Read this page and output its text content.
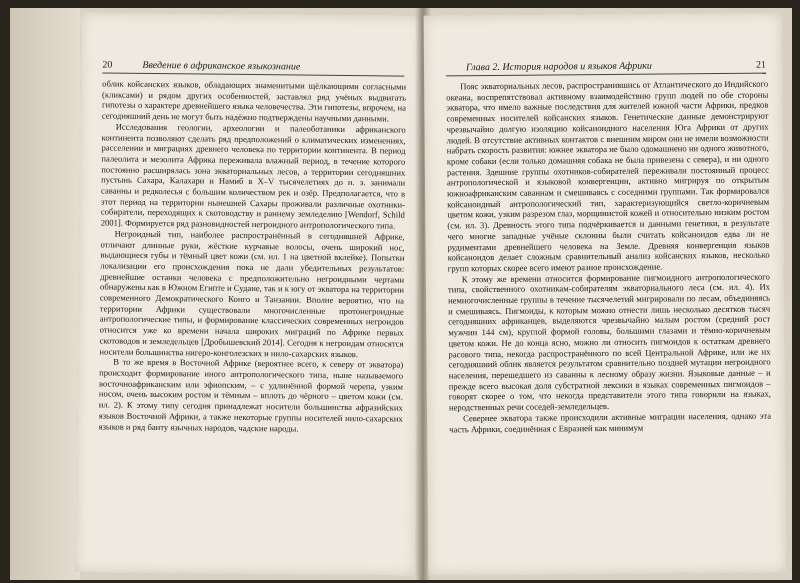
20	Введение в африканское языкознание

облик койсанских языков, обладающих знаменитыми щёлкающими согласными (кликсами) и рядом других особенностей, заставлял ряд учёных выдвигать гипотезы о характере древнейшего языка человечества. Эти гипотезы, впрочем, на сегодняшний день не могут быть надёжно подтверждены научными данными.

Исследования геологии, археологии и палеоботаники африканского континента позволяют сделать ряд предположений о климатических изменениях, расселении и миграциях древнего человека по территории континента. В период палеолита и мезолита Африка переживала влажный период, в течение которого постоянно расширялась зона экваториальных лесов, а территории сегодняшних пустынь Сахара, Калахари и Намиб в X–V тысячелетиях до н. э. занимали саванны и редколесья с большим количеством рек и озёр. Предполагается, что в этот период на территории нынешней Сахары проживали различные охотники-собиратели, переходящих к скотоводству и раннему земледелию [Wendorf, Schild 2001]. Формируется ряд разновидностей негроидного антропологического типа.

Негроидный тип, наиболее распространённый в сегодняшней Африке, отличают длинные руки, жёсткие курчавые волосы, очень широкий нос, выдающиеся губы и тёмный цвет кожи (см. ил. 1 на цветной вклейке). Попытки локализации его происхождения пока не дали убедительных результатов: древнейшие останки человека с предположительно негроидными чертами обнаружены как в Южном Египте и Судане, так и к югу от экватора на территории современного Демократического Конго и Танзании. Вполне вероятно, что на территории Африки существовали многочисленные протонегроидные антропологические типы, и формирование классических современных негроидов относится уже ко времени начала широких миграций по Африке первых скотоводов и земледельцев [Дробышевский 2014]. Сегодня к негроидам относятся носители большинства нигеро-конголезских и нило-сахарских языков.

В то же время в Восточной Африке (вероятнее всего, к северу от экватора) происходит формирование иного антропологического типа, ныне называемого восточноафриканским или эфиопским, – с удлинённой формой черепа, узким носом, очень высоким ростом и тёмным – вплоть до чёрного – цветом кожи (см. ил. 2). К этому типу сегодня принадлежат носители большинства афразийских языков Восточной Африки, а также некоторые группы носителей нило-сахарских языков и ряд банту язычных народов, чадские народы.

Глава 2. История народов и языков Африки	21

Пояс экваториальных лесов, распространившись от Атлантического до Индийского океана, воспрепятствовал активному взаимодействию групп людей по обе стороны экватора, что имело важные последствия для жителей южной части Африки, предков современных носителей койсанских языков. Генетические данные демонстрируют чрезвычайно долгую изоляцию койсаноидного населения Юга Африки от других людей. В отсутствие активных контактов с внешним миром они не имели возможности набрать скорость развития: южнее экватора не было одомашнено ни одного животного, кроме собаки (если только домашняя собака не была привезена с севера), и ни одного растения. Здешние группы охотников-собирателей переживали постоянный процесс антропологической и языковой конвергенции, активно мигрируя по открытым южноафриканским саваннам и смешиваясь с соседними группами. Так формировался койсаноидный антропологический тип, характеризующийся светло-коричневым цветом кожи, узким разрезом глаз, морщинистой кожей и относительно низким ростом (см. ил. 3). Древность этого типа подчёркивается и данными генетики, в результате чего многие западные учёные склонны были считать койсаноидов едва ли не рудиментами древнейшего человека на Земле. Древняя конвергенция языков койсаноидов делает сложным сравнительный анализ койсанских языков, несколько групп которых скорее всего имеют разное происхождение.

К этому же времени относится формирование пигмоидного антропологического типа, свойственного охотникам-собирателям экваториального леса (см. ил. 4). Их немногочисленные группы в течение тысячелетий мигрировали по лесам, объединяясь и смешиваясь. Пигмоиды, к которым можно отнести лишь несколько десятков тысяч сегодняшних африканцев, выделяются чрезвычайно малым ростом (средний рост мужчин 144 см), круглой формой головы, большими глазами и тёмно-коричневым цветом кожи. Не до конца ясно, можно ли относить пигмоидов к остаткам древнего расового типа, некогда распространённого по всей Центральной Африке, или же их сегодняшний облик является результатом сравнительно поздней мутации негроидного населения, перешедшего из саванны к лесному образу жизни. Языковые данные – и прежде всего высокая доля субстратной лексики в языках современных пигмоидов – говорят скорее о том, что некогда представители этого типа говорили на языках, неродственных речи соседей-земледельцев.

Севернее экватора также происходили активные миграции населения, однако эта часть Африки, соединённая с Евразией как минимум
